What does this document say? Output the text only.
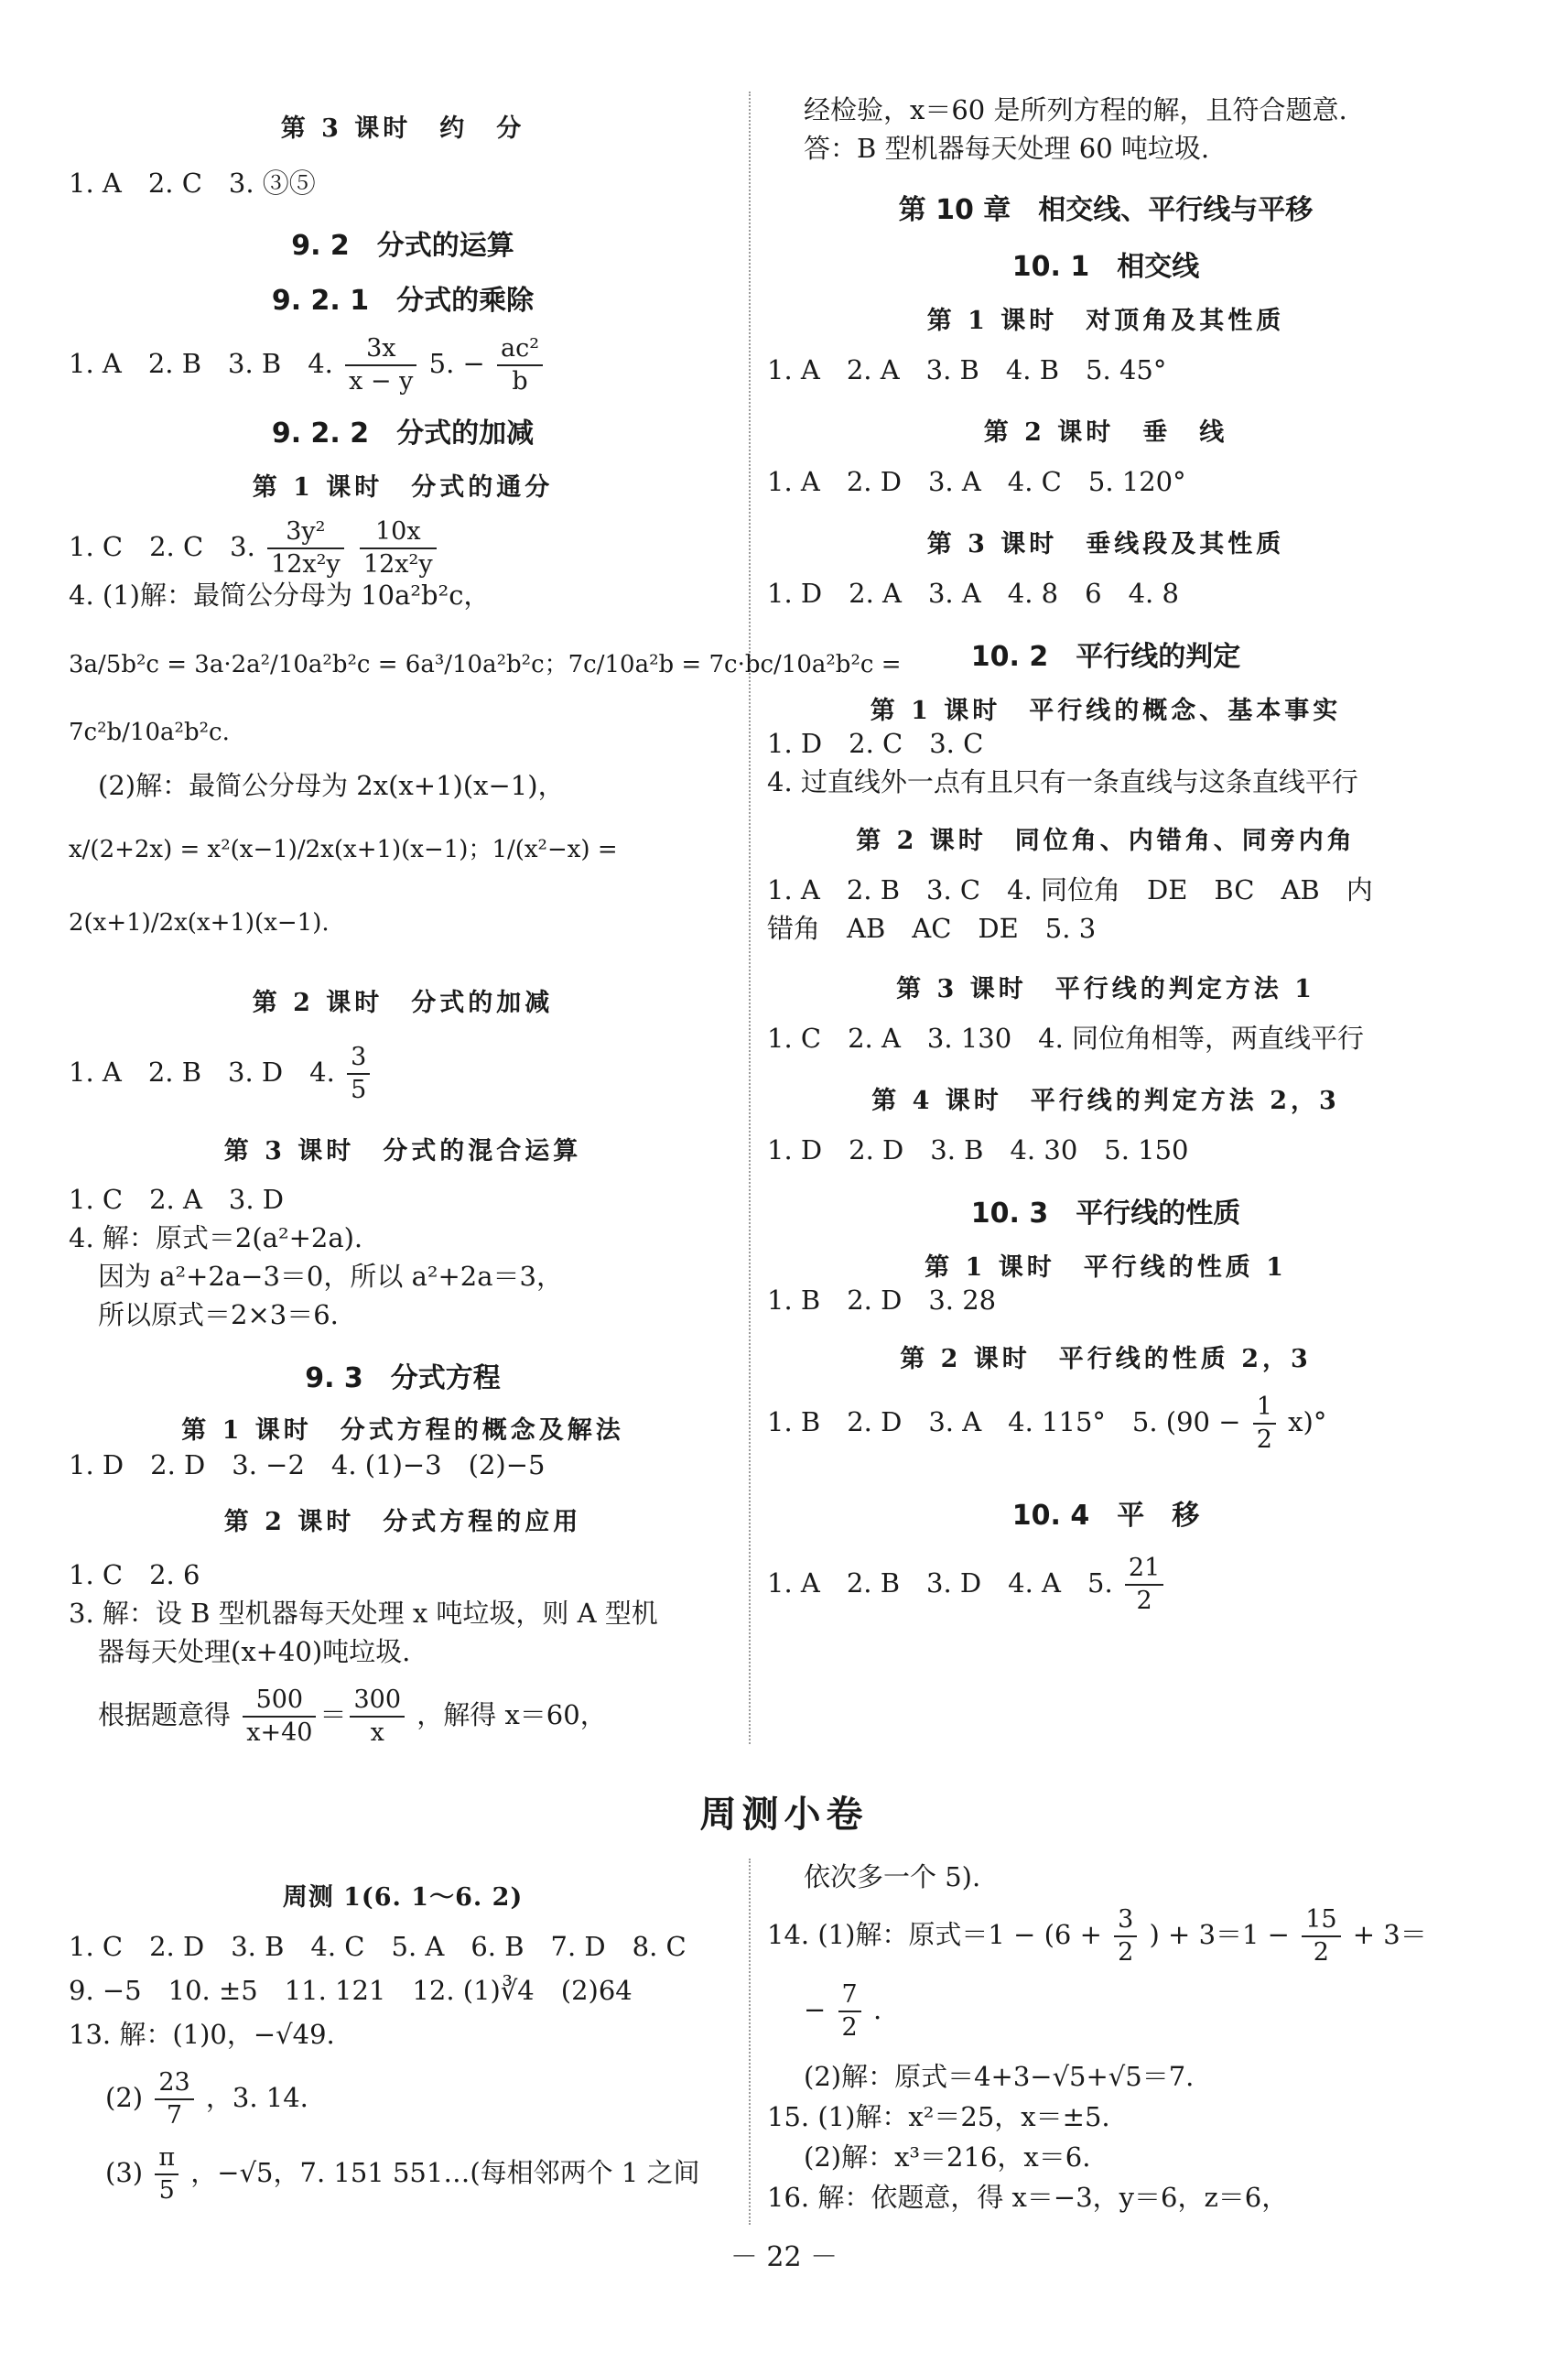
第 3 课时　约　分
1. A　2. C　3. ③⑤
9. 2　分式的运算
9. 2. 1　分式的乘除
1. A　2. B　3. B　4. $\frac{3x}{x - y} 5$. − $\frac{\text{ac²}}{b}$
9. 2. 2　分式的加减
第 1 课时　分式的通分
1. C　2. C　3. $\frac{\text{3y²}}{\text{12x²y}}$
$\frac{10x}{\text{12x²y}}$
4. (1)解：最简公分母为 10a²b²c，
3a/5b²c = 3a·2a²/10a²b²c = 6a³/10a²b²c；7c/10a²b = 7c·bc/10a²b²c =
7c²b/10a²b²c.
(2)解：最简公分母为 2x(x+1)(x−1)，
x/(2+2x) = x²(x−1)/2x(x+1)(x−1)；1/(x²−x) =
2(x+1)/2x(x+1)(x−1).
第 2 课时　分式的加减
1. A　2. B　3. D　4. $\frac{3}{5}$
第 3 课时　分式的混合运算
1. C　2. A　3. D
4. 解：原式＝2(a²+2a).
因为 a²+2a−3＝0，所以 a²+2a＝3，
所以原式＝2×3＝6.
9. 3　分式方程
第 1 课时　分式方程的概念及解法
1. D　2. D　3. −2　4. (1)−3　(2)−5
第 2 课时　分式方程的应用
1. C　2. 6
3. 解：设 B 型机器每天处理 x 吨垃圾，则 A 型机
器每天处理(x+40)吨垃圾.
根据题意得 $\frac{500}{x+40} = \frac{300}{x}$ ，解得 x＝60，
经检验，x＝60 是所列方程的解，且符合题意.
答：B 型机器每天处理 60 吨垃圾.
第 10 章　相交线、平行线与平移
10. 1　相交线
第 1 课时　对顶角及其性质
1. A　2. A　3. B　4. B　5. 45°
第 2 课时　垂　线
1. A　2. D　3. A　4. C　5. 120°
第 3 课时　垂线段及其性质
1. D　2. A　3. A　4. 8　6　4. 8
10. 2　平行线的判定
第 1 课时　平行线的概念、基本事实
1. D　2. C　3. C
4. 过直线外一点有且只有一条直线与这条直线平行
第 2 课时　同位角、内错角、同旁内角
1. A　2. B　3. C　4. 同位角　DE　BC　AB　内
错角　AB　AC　DE　5. 3
第 3 课时　平行线的判定方法 1
1. C　2. A　3. 130　4. 同位角相等，两直线平行
第 4 课时　平行线的判定方法 2，3
1. D　2. D　3. B　4. 30　5. 150
10. 3　平行线的性质
第 1 课时　平行线的性质 1
1. B　2. D　3. 28
第 2 课时　平行线的性质 2，3
1. B　2. D　3. A　4. 115°　5. $(90 - \frac{1}{2} x)^\circ$
10. 4　平　移
1. A　2. B　3. D　4. A　5. $\frac{21}{2}$
周测小卷
周测 1(6. 1～6. 2)
1. C　2. D　3. B　4. C　5. A　6. B　7. D　8. C
9. −5　10. ±5　11. 121　12. (1)∛4　(2)64
13. 解：(1)0，−√49.
$(2) \frac{23}{7}$ ，3. 14.
$(3) \frac{\pi}{5}$ ，−√5，7. 151 551…(每相邻两个 1 之间
依次多一个 5).
14. (1)解：原式$=1 - (6 + \frac{3}{2}$ ) + $3=1 - \frac{15}{2} + 3=$
− $\frac{7}{2}$ .
(2)解：原式＝4+3−√5+√5＝7.
15. (1)解：x²＝25，x＝±5.
(2)解：x³＝216，x＝6.
16. 解：依题意，得 x＝−3，y＝6，z＝6，
－ 22 －
